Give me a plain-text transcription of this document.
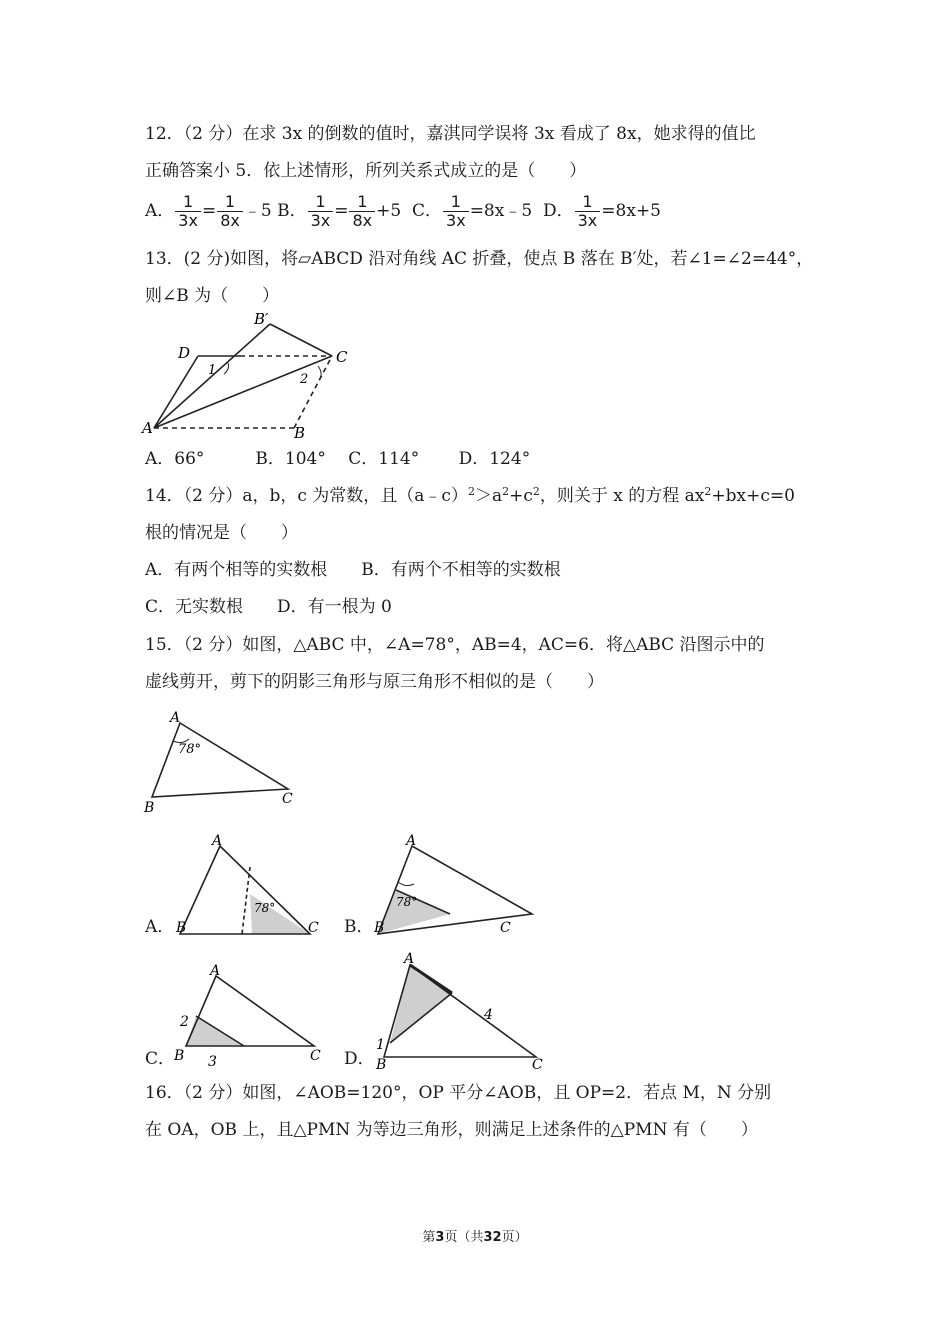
12．（2 分）在求 3x 的倒数的值时，嘉淇同学误将 3x 看成了 8x，她求得的值比
正确答案小 5．依上述情形，所列关系式成立的是（　　）
A． $\frac{1}{3x} = \frac{1}{8x}$ ﹣5 B． $\frac{1}{3x} = \frac{1}{8x} +5$ C． $\frac{1}{3x}$ =8x﹣5 D． $\frac{1}{3x} =8x+5$
13．(2 分)如图，将▱ABCD 沿对角线 AC 折叠，使点 B 落在 B′处，若∠1=∠2=44°，
则∠B 为（　　）
A	B
C
D
B′
1
2
A．66°　　　B．104°　 C．114°　　 D．124°
14．（2 分）a，b，c 为常数，且$(a﹣c)^2>a^2+c^2$，则关于 x 的方程 $ax^2+bx+c=0$
根的情况是（　　）
A．有两个相等的实数根　　B．有两个不相等的实数根
C．无实数根　　D．有一根为 0
15．（2 分）如图，△ABC 中，∠A=78°，AB=4，AC=6．将△ABC 沿图示中的
虚线剪开，剪下的阴影三角形与原三角形不相似的是（　　）
A
B
C
78°
A．
A
B	C
78°
B．
A
B	C
78°
C．
A
B	C
2
3	D．
A
B	C
4
1
16．（2 分）如图，∠AOB=120°，OP 平分∠AOB，且 OP=2．若点 M，N 分别
在 OA，OB 上，且△PMN 为等边三角形，则满足上述条件的△PMN 有（　　）
第3页（共32页）
